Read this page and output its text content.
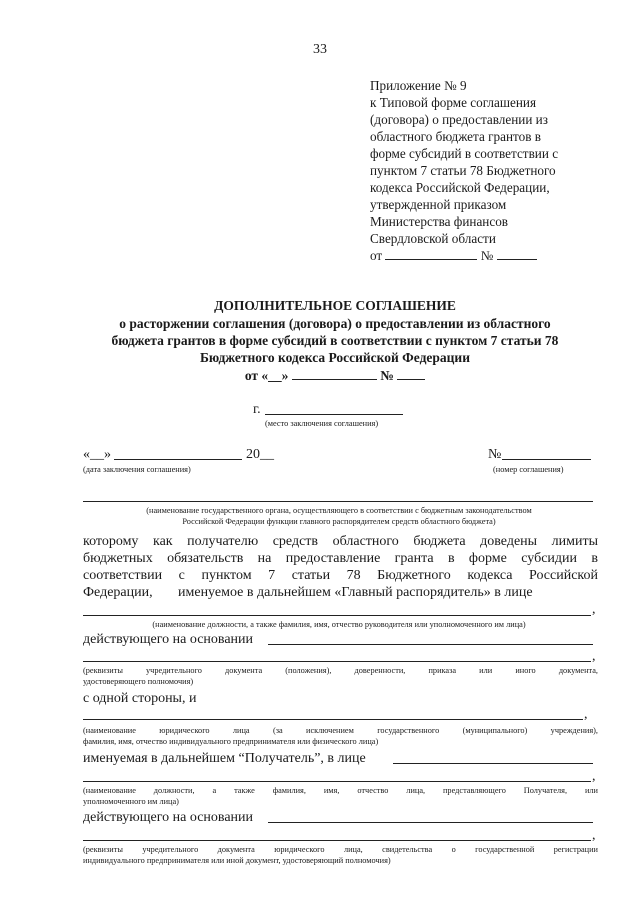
33
Приложение № 9
к Типовой форме соглашения
(договора) о предоставлении из
областного бюджета грантов в
форме субсидий в соответствии с
пунктом 7 статьи 78 Бюджетного
кодекса Российской Федерации,
утвержденной приказом
Министерства финансов
Свердловской области
от	№
ДОПОЛНИТЕЛЬНОЕ СОГЛАШЕНИЕ
о расторжении соглашения (договора) о предоставлении из областного
бюджета грантов в форме субсидий в соответствии с пунктом 7 статьи 78
Бюджетного кодекса Российской Федерации
от «__»	№
г.
(место заключения соглашения)
«__»	20__
(дата заключения соглашения)
№
(номер соглашения)
(наименование государственного органа, осуществляющего в соответствии с бюджетным законодательством
Российской Федерации функции главного распорядителем средств областного бюджета)
которому как получателю средств областного бюджета доведены лимиты
бюджетных обязательств на предоставление гранта в форме субсидии в
соответствии с пунктом 7 статьи 78 Бюджетного кодекса Российской
Федерации, именуемое в дальнейшем «Главный распорядитель» в лице
,
(наименование должности, а также фамилия, имя, отчество руководителя или уполномоченного им лица)
действующего на основании
,
(реквизиты учредительного документа (положения), доверенности, приказа или иного документа,
удостоверяющего полномочия)
с одной стороны, и
,
(наименование юридического лица (за исключением государственного (муниципального) учреждения),
фамилия, имя, отчество индивидуального предпринимателя или физического лица)
именуемая в дальнейшем “Получатель”, в лице
,
(наименование должности, а также фамилия, имя, отчество лица, представляющего Получателя, или
уполномоченного им лица)
действующего на основании
,
(реквизиты учредительного документа юридического лица, свидетельства о государственной регистрации
индивидуального предпринимателя или иной документ, удостоверяющий полномочия)
